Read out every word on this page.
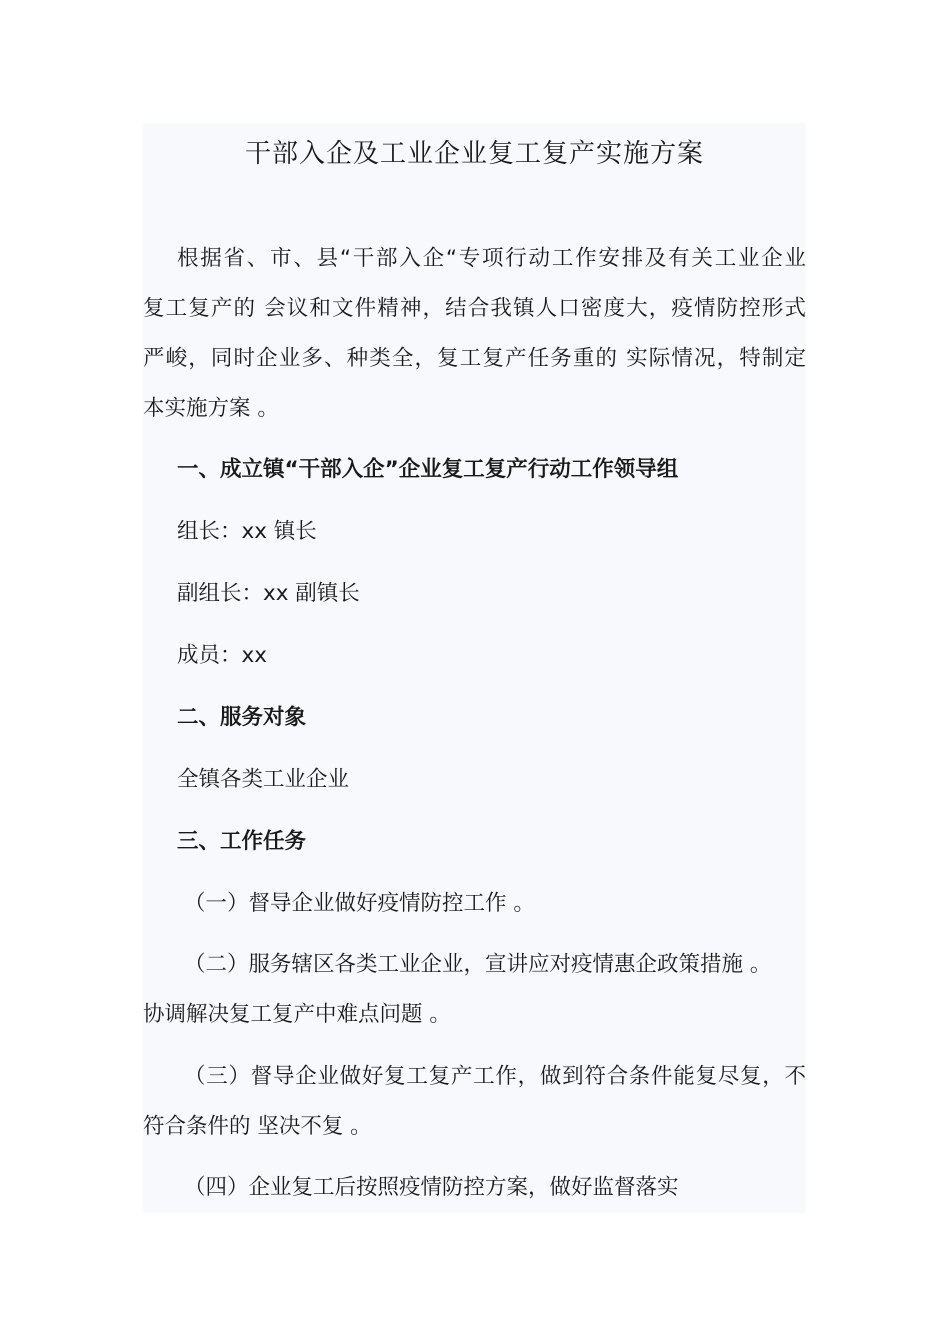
干部入企及工业企业复工复产实施方案
根据省、市、县“干部入企“专项行动工作安排及有关工业企业
复工复产的 会议和文件精神，结合我镇人口密度大，疫情防控形式
严峻，同时企业多、种类全，复工复产任务重的 实际情况，特制定
本实施方案 。
一、成立镇“干部入企”企业复工复产行动工作领导组
组长：xx 镇长
副组长：xx 副镇长
成员：xx
二、服务对象
全镇各类工业企业
三、工作任务
（一）督导企业做好疫情防控工作 。
（二）服务辖区各类工业企业，宣讲应对疫情惠企政策措施 。
协调解决复工复产中难点问题 。
（三）督导企业做好复工复产工作，做到符合条件能复尽复，不
符合条件的 坚决不复 。
（四）企业复工后按照疫情防控方案，做好监督落实
